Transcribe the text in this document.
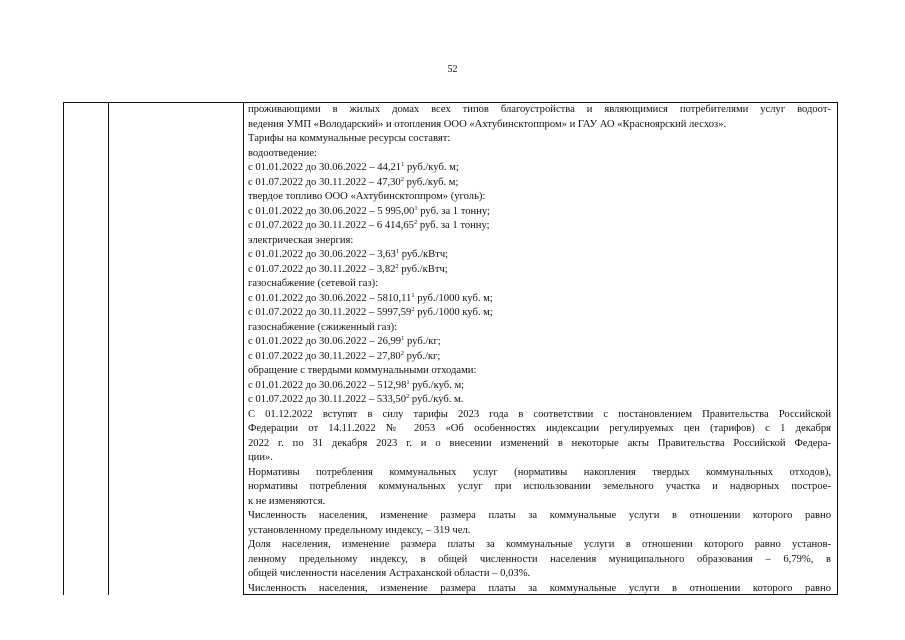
52
проживающими в жилых домах всех типов благоустройства и являющимися потребителями услуг водоот-
ведения УМП «Володарский» и отопления ООО «Ахтубинсктоппром» и ГАУ АО «Красноярский лесхоз».
Тарифы на коммунальные ресурсы составят:
водоотведение:
с 01.01.2022 до 30.06.2022 – 44,21$^1$ руб./куб. м;
с 01.07.2022 до 30.11.2022 – 47,30$^2$ руб./куб. м;
твердое топливо ООО «Ахтубинсктоппром» (уголь):
с 01.01.2022 до 30.06.2022 – 5 995,00$^1$ руб. за 1 тонну;
с 01.07.2022 до 30.11.2022 – 6 414,65$^2$ руб. за 1 тонну;
электрическая энергия:
с 01.01.2022 до 30.06.2022 – 3,63$^1$ руб./кВтч;
с 01.07.2022 до 30.11.2022 – 3,82$^2$ руб./кВтч;
газоснабжение (сетевой газ):
с 01.01.2022 до 30.06.2022 – 5810,11$^1$ руб./1000 куб. м;
с 01.07.2022 до 30.11.2022 – 5997,59$^2$ руб./1000 куб. м;
газоснабжение (сжиженный газ):
с 01.01.2022 до 30.06.2022 – 26,99$^1$ руб./кг;
с 01.07.2022 до 30.11.2022 – 27,80$^2$ руб./кг;
обращение с твердыми коммунальными отходами:
с 01.01.2022 до 30.06.2022 – 512,98$^1$ руб./куб. м;
с 01.07.2022 до 30.11.2022 – 533,50$^2$ руб./куб. м.
С 01.12.2022 вступят в силу тарифы 2023 года в соответствии с постановлением Правительства Российской
Федерации от 14.11.2022 № 2053 «Об особенностях индексации регулируемых цен (тарифов) с 1 декабря
2022 г. по 31 декабря 2023 г. и о внесении изменений в некоторые акты Правительства Российской Федера-
ции».
Нормативы потребления коммунальных услуг (нормативы накопления твердых коммунальных отходов),
нормативы потребления коммунальных услуг при использовании земельного участка и надворных построе-
к не изменяются.
Численность населения, изменение размера платы за коммунальные услуги в отношении которого равно
установленному предельному индексу, – 319 чел.
Доля населения, изменение размера платы за коммунальные услуги в отношении которого равно установ-
ленному предельному индексу, в общей численности населения муниципального образования – 6,79%, в
общей численности населения Астраханской области – 0,03%.
Численность населения, изменение размера платы за коммунальные услуги в отношении которого равно
